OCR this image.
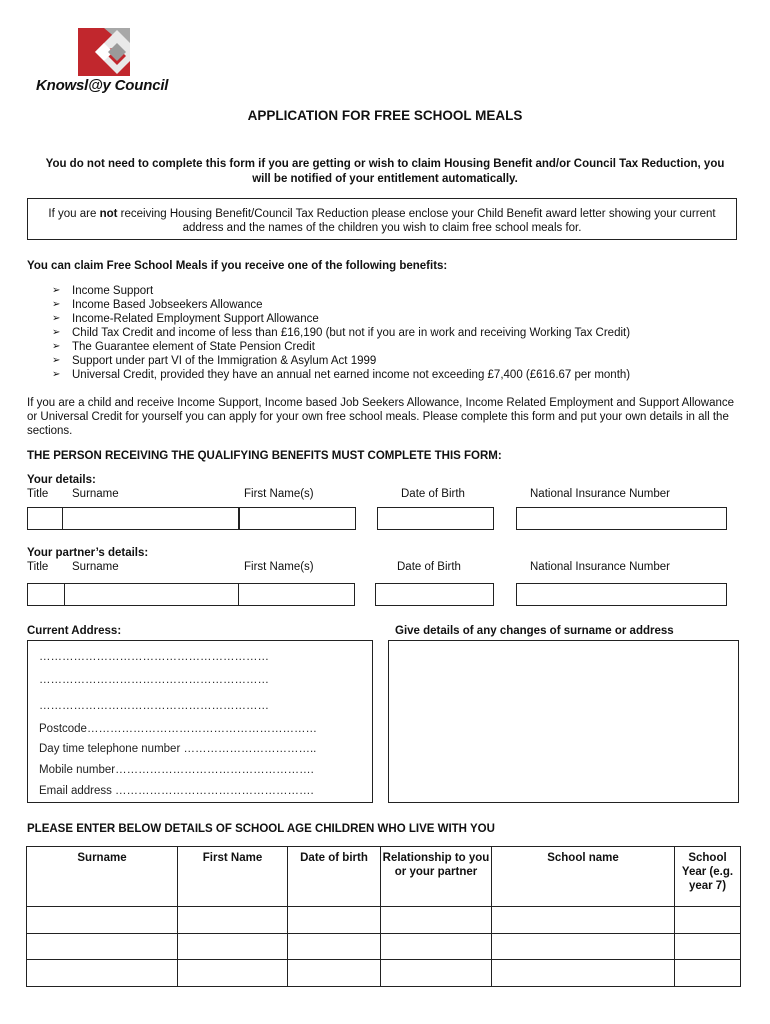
Knowsl@y Council
APPLICATION FOR FREE SCHOOL MEALS
You do not need to complete this form if you are getting or wish to claim Housing Benefit and/or Council Tax Reduction, you will be notified of your entitlement automatically.
If you are not receiving Housing Benefit/Council Tax Reduction please enclose your Child Benefit award letter showing your current address and the names of the children you wish to claim free school meals for.
You can claim Free School Meals if you receive one of the following benefits:
➢ Income Support
➢ Income Based Jobseekers Allowance
➢ Income-Related Employment Support Allowance
➢ Child Tax Credit and income of less than £16,190 (but not if you are in work and receiving Working Tax Credit)
➢ The Guarantee element of State Pension Credit
➢ Support under part VI of the Immigration & Asylum Act 1999
➢ Universal Credit, provided they have an annual net earned income not exceeding £7,400 (£616.67 per month)
If you are a child and receive Income Support, Income based Job Seekers Allowance, Income Related Employment and Support Allowance or Universal Credit for yourself you can apply for your own free school meals. Please complete this form and put your own details in all the sections.
THE PERSON RECEIVING THE QUALIFYING BENEFITS MUST COMPLETE THIS FORM:
Your details:
Title Surname	First Name(s)	Date of Birth	National Insurance Number
Your partner’s details:
Title Surname	First Name(s)	Date of Birth	National Insurance Number
Current Address:	Give details of any changes of surname or address
……………………………………………………
……………………………………………………
……………………………………………………
Postcode……………………………………………………
Day time telephone number ……………………………..
Mobile number…………………………………………….
Email address …………………………………………….
PLEASE ENTER BELOW DETAILS OF SCHOOL AGE CHILDREN WHO LIVE WITH YOU
Surname	First Name	Date of birth	Relationship to you or your partner	School name	School Year (e.g. year 7)
